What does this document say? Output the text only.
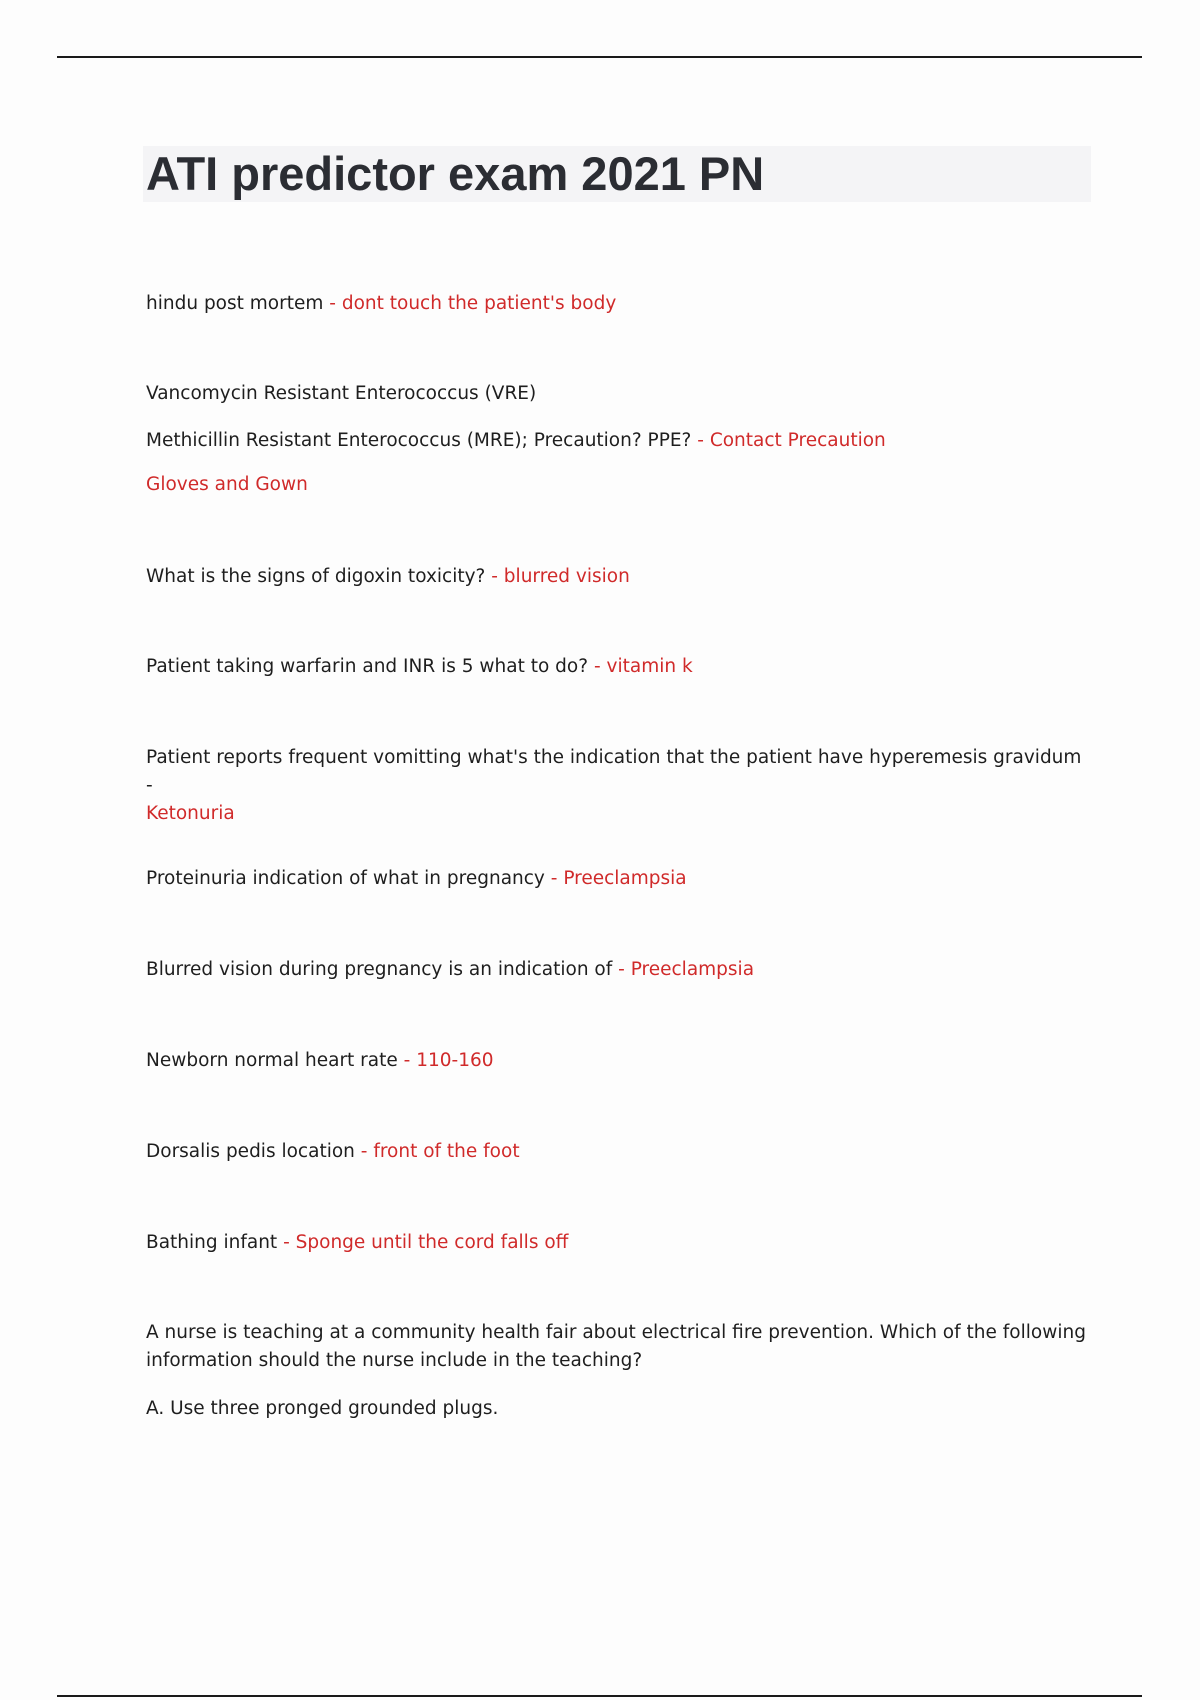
ATI predictor exam 2021 PN

hindu post mortem - dont touch the patient's body

Vancomycin Resistant Enterococcus (VRE)

Methicillin Resistant Enterococcus (MRE); Precaution? PPE? - Contact Precaution

Gloves and Gown

What is the signs of digoxin toxicity? - blurred vision

Patient taking warfarin and INR is 5 what to do? - vitamin k

Patient reports frequent vomitting what's the indication that the patient have hyperemesis gravidum -
Ketonuria

Proteinuria indication of what in pregnancy - Preeclampsia

Blurred vision during pregnancy is an indication of - Preeclampsia

Newborn normal heart rate - 110-160

Dorsalis pedis location - front of the foot

Bathing infant - Sponge until the cord falls off

A nurse is teaching at a community health fair about electrical fire prevention. Which of the following information should the nurse include in the teaching?

A. Use three pronged grounded plugs.
